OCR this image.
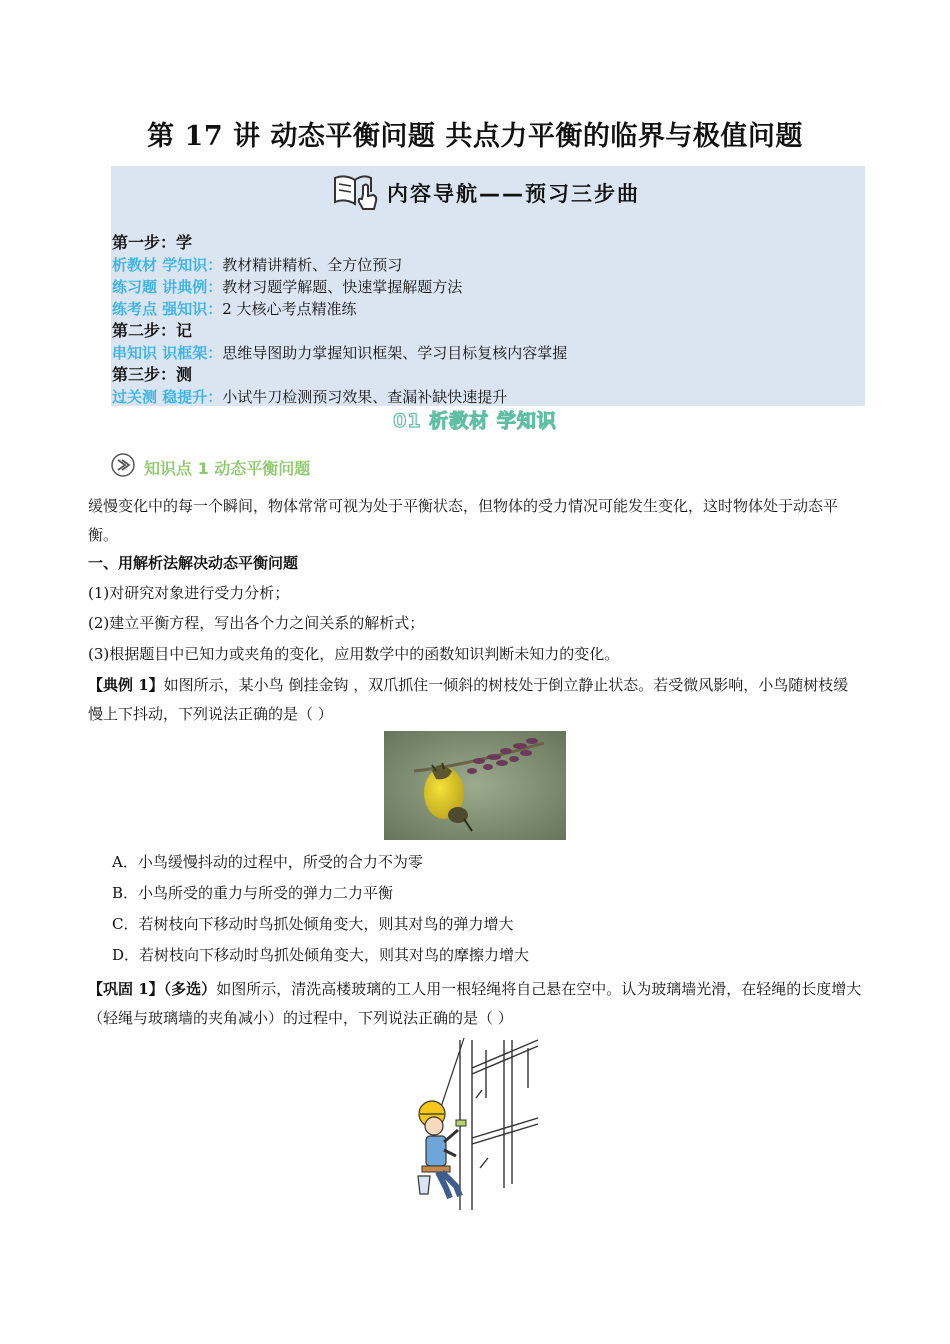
第 17 讲 动态平衡问题 共点力平衡的临界与极值问题
内容导航——预习三步曲
第一步：学
析教材 学知识：教材精讲精析、全方位预习
练习题 讲典例：教材习题学解题、快速掌握解题方法
练考点 强知识：2 大核心考点精准练
第二步：记
串知识 识框架：思维导图助力掌握知识框架、学习目标复核内容掌握
第三步：测
过关测 稳提升：小试牛刀检测预习效果、查漏补缺快速提升
01 析教材 学知识
知识点 1 动态平衡问题
缓慢变化中的每一个瞬间，物体常常可视为处于平衡状态，但物体的受力情况可能发生变化，这时物体处于动态平衡。
一、用解析法解决动态平衡问题
(1)对研究对象进行受力分析；
(2)建立平衡方程，写出各个力之间关系的解析式；
(3)根据题目中已知力或夹角的变化，应用数学中的函数知识判断未知力的变化。
【典例 1】如图所示，某小鸟 倒挂金钩 ，双爪抓住一倾斜的树枝处于倒立静止状态。若受微风影响，小鸟随树枝缓慢上下抖动，下列说法正确的是（ ）
A．小鸟缓慢抖动的过程中，所受的合力不为零
B．小鸟所受的重力与所受的弹力二力平衡
C．若树枝向下移动时鸟抓处倾角变大，则其对鸟的弹力增大
D．若树枝向下移动时鸟抓处倾角变大，则其对鸟的摩擦力增大
【巩固 1】（多选）如图所示，清洗高楼玻璃的工人用一根轻绳将自己悬在空中。认为玻璃墙光滑，在轻绳的长度增大（轻绳与玻璃墙的夹角减小）的过程中，下列说法正确的是（ ）
